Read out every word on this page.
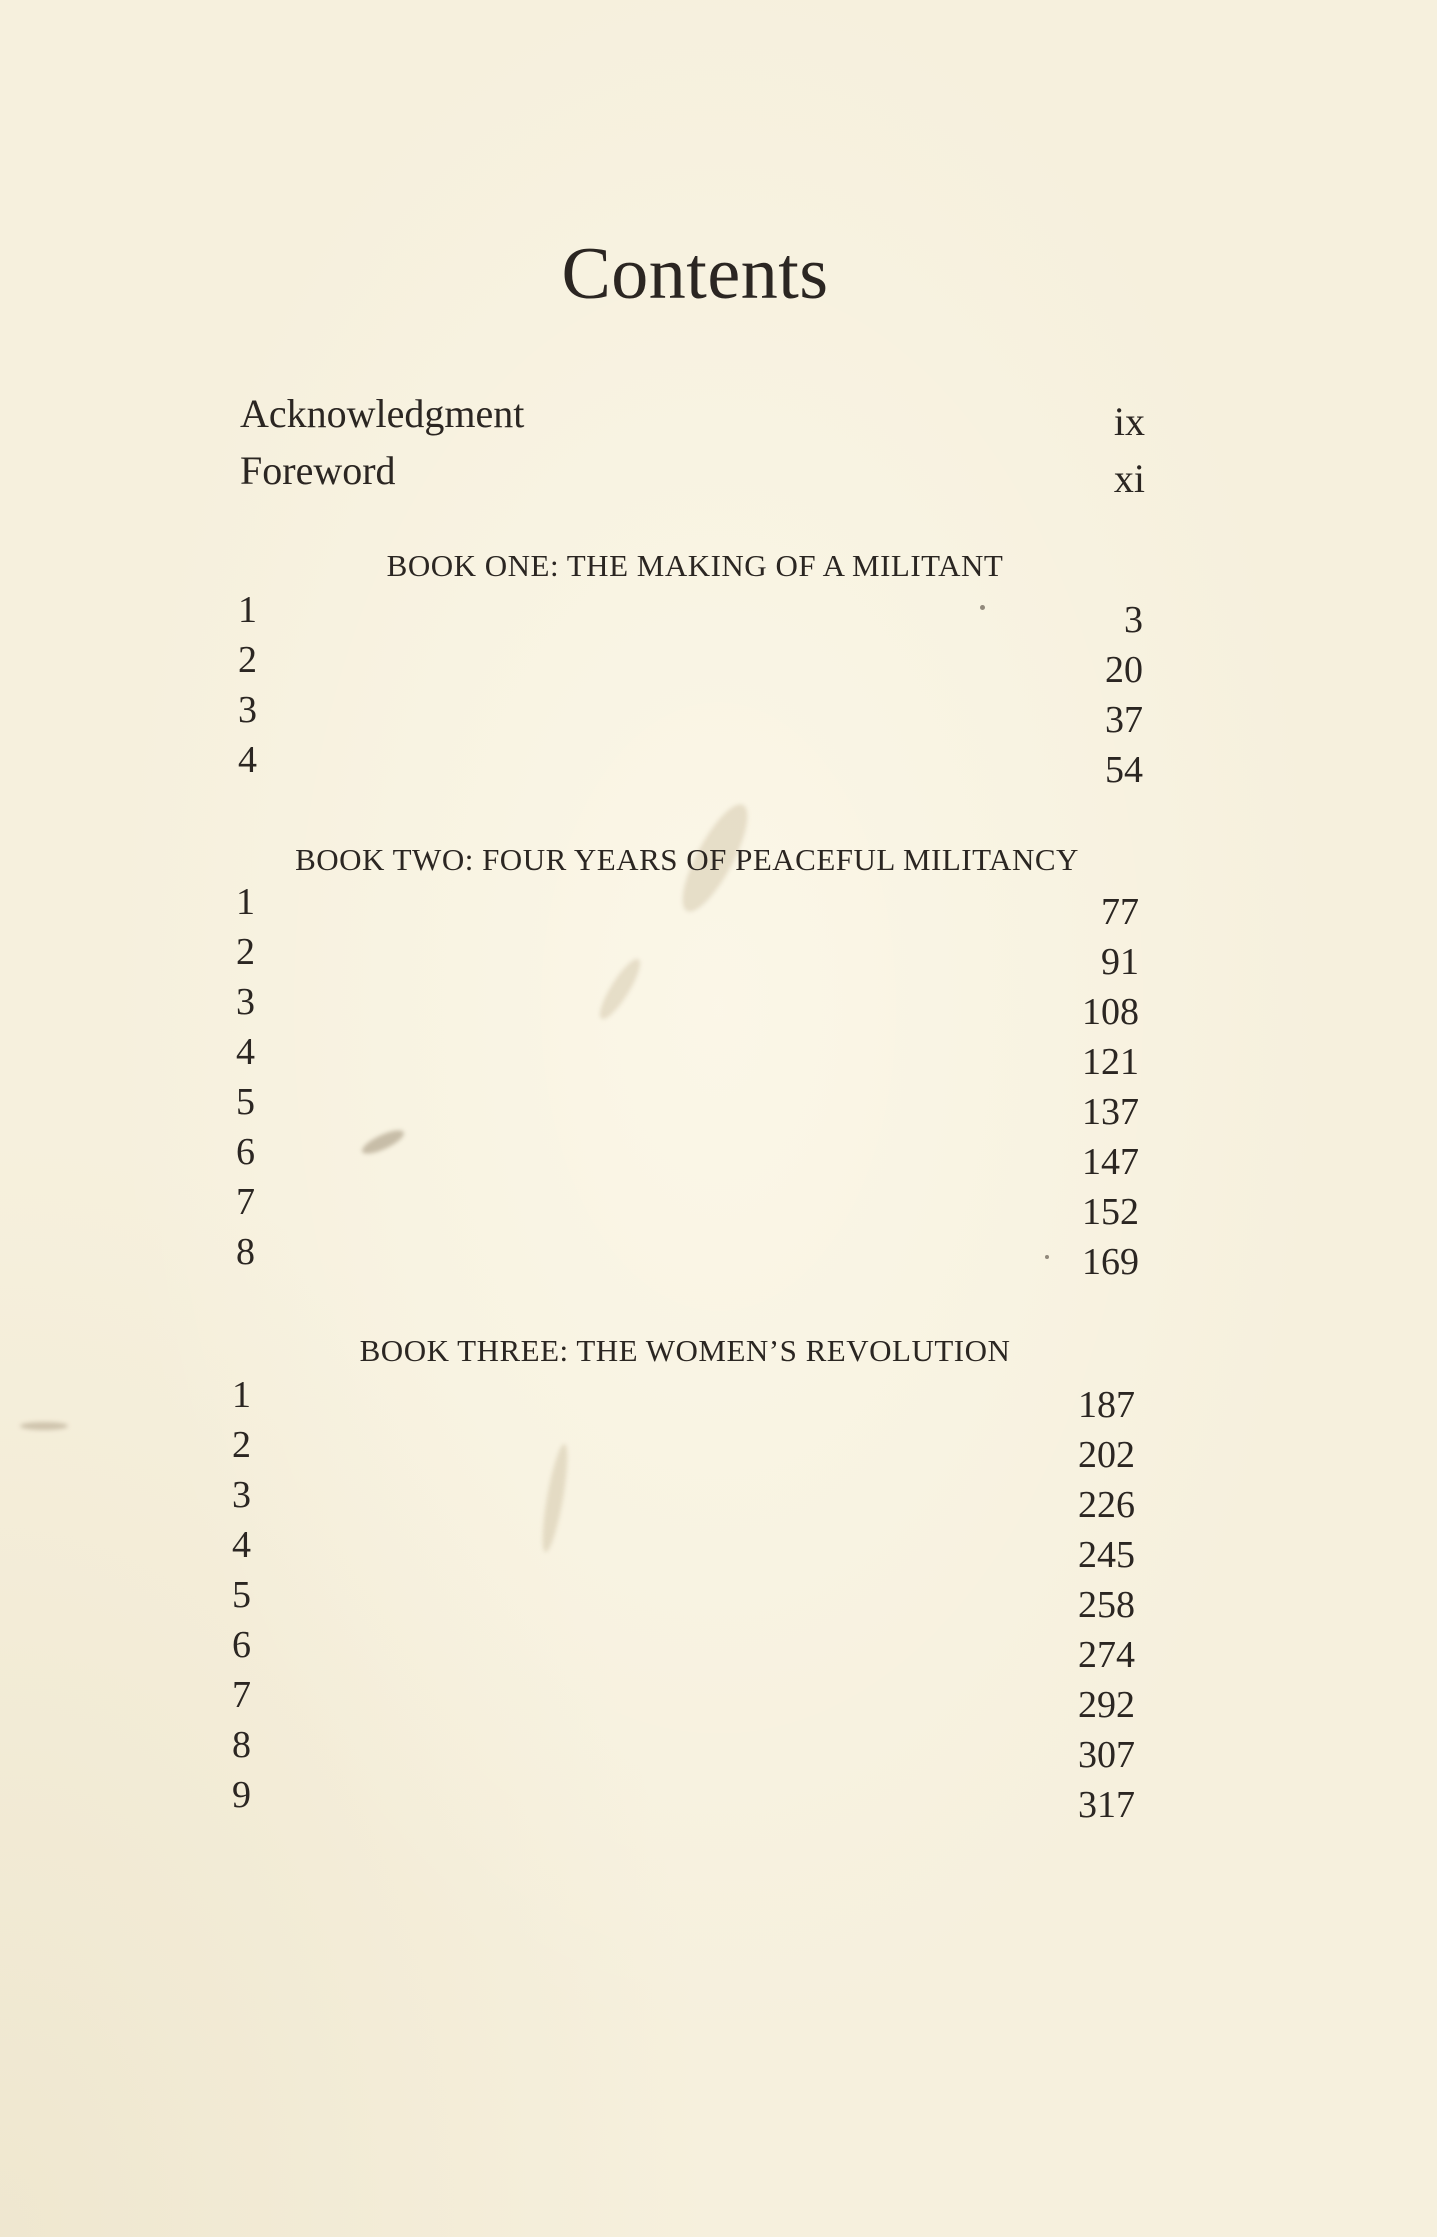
Contents
Acknowledgment	ix
Foreword	xi
BOOK ONE: THE MAKING OF A MILITANT
1	3
2	20
3	37
4	54
BOOK TWO: FOUR YEARS OF PEACEFUL MILITANCY
1	77
2	91
3	108
4	121
5	137
6	147
7	152
8	169
BOOK THREE: THE WOMEN’S REVOLUTION
1	187
2	202
3	226
4	245
5	258
6	274
7	292
8	307
9	317
